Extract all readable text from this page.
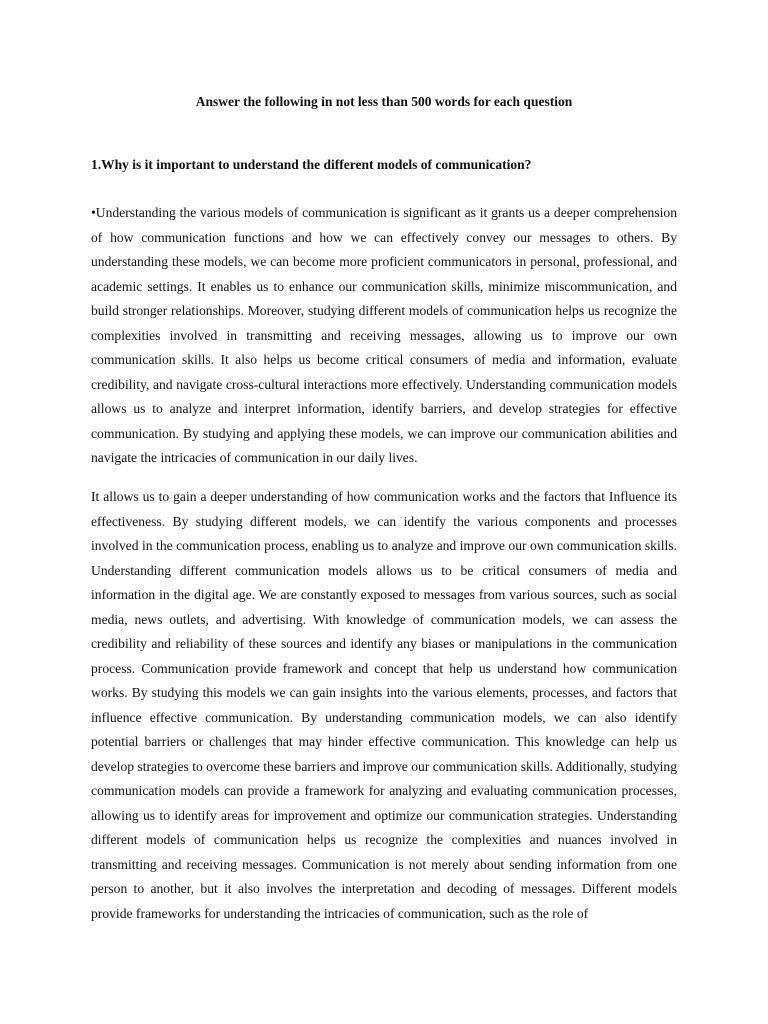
Answer the following in not less than 500 words for each question
1.Why is it important to understand the different models of communication?

•Understanding the various models of communication is significant as it grants us a deeper comprehension of how communication functions and how we can effectively convey our messages to others. By understanding these models, we can become more proficient communicators in personal, professional, and academic settings. It enables us to enhance our communication skills, minimize miscommunication, and build stronger relationships. Moreover, studying different models of communication helps us recognize the complexities involved in transmitting and receiving messages, allowing us to improve our own communication skills. It also helps us become critical consumers of media and information, evaluate credibility, and navigate cross-cultural interactions more effectively. Understanding communication models allows us to analyze and interpret information, identify barriers, and develop strategies for effective communication. By studying and applying these models, we can improve our communication abilities and navigate the intricacies of communication in our daily lives.

It allows us to gain a deeper understanding of how communication works and the factors that Influence its effectiveness. By studying different models, we can identify the various components and processes involved in the communication process, enabling us to analyze and improve our own communication skills. Understanding different communication models allows us to be critical consumers of media and information in the digital age. We are constantly exposed to messages from various sources, such as social media, news outlets, and advertising. With knowledge of communication models, we can assess the credibility and reliability of these sources and identify any biases or manipulations in the communication process. Communication provide framework and concept that help us understand how communication works. By studying this models we can gain insights into the various elements, processes, and factors that influence effective communication. By understanding communication models, we can also identify potential barriers or challenges that may hinder effective communication. This knowledge can help us develop strategies to overcome these barriers and improve our communication skills. Additionally, studying communication models can provide a framework for analyzing and evaluating communication processes, allowing us to identify areas for improvement and optimize our communication strategies. Understanding different models of communication helps us recognize the complexities and nuances involved in transmitting and receiving messages. Communication is not merely about sending information from one person to another, but it also involves the interpretation and decoding of messages. Different models provide frameworks for understanding the intricacies of communication, such as the role of
